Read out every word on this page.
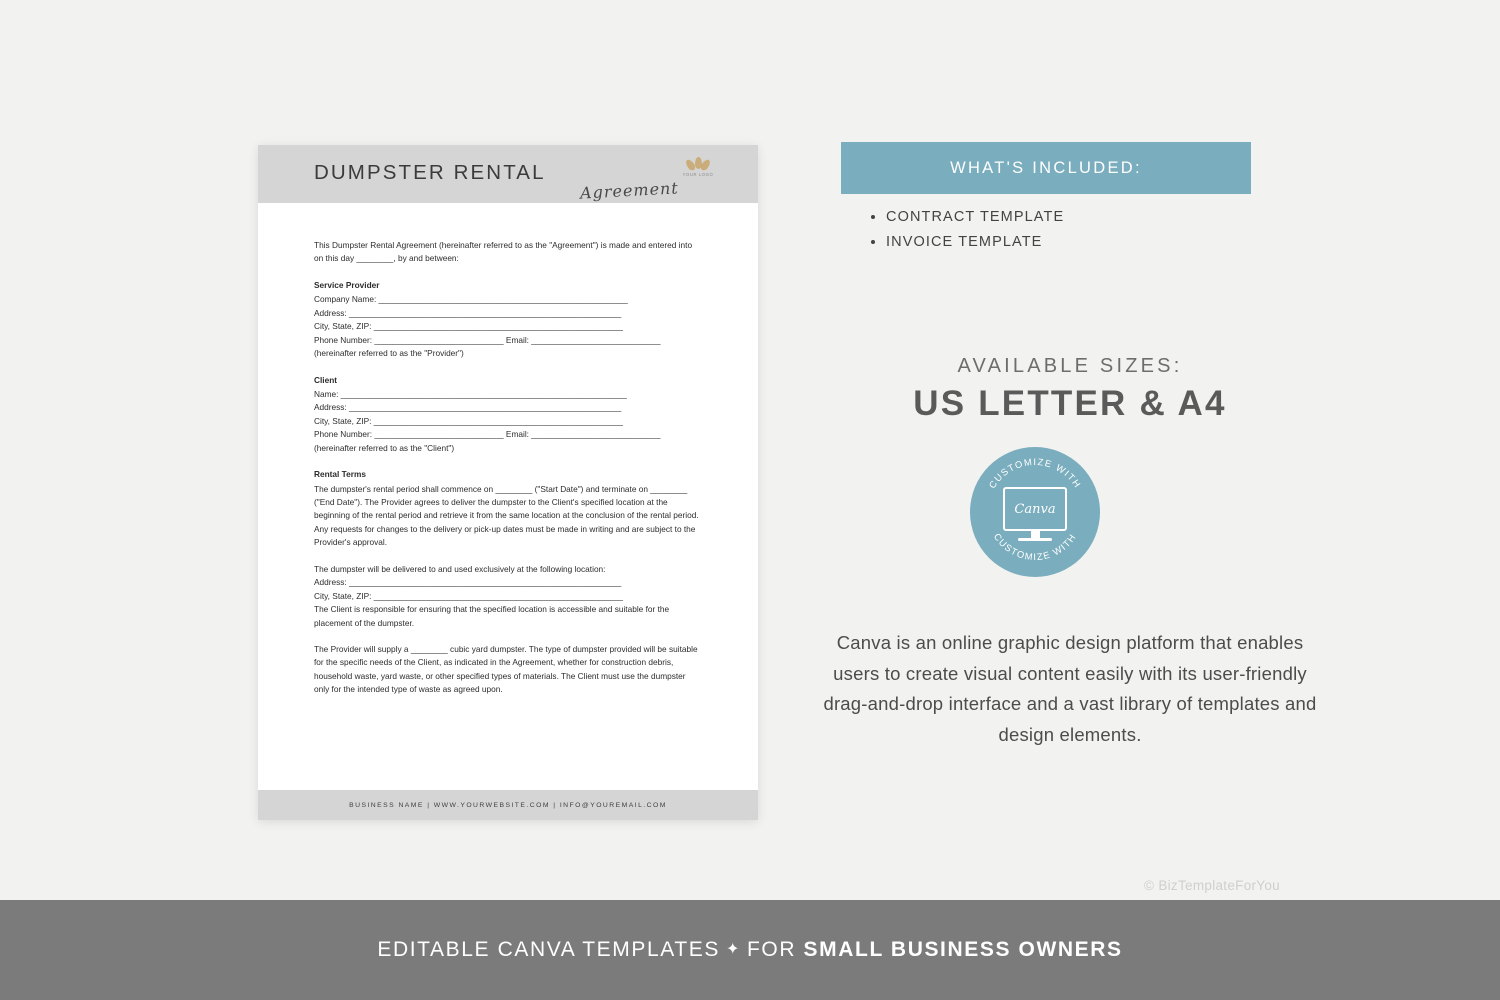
DUMPSTER RENTAL
Agreement
YOUR LOGO
This Dumpster Rental Agreement (hereinafter referred to as the "Agreement") is made and entered into on this day ________, by and between:
Service Provider
Company Name: ______________________________________________________
Address: ___________________________________________________________
City, State, ZIP: ______________________________________________________
Phone Number: ____________________________ Email: ____________________________
(hereinafter referred to as the "Provider")
Client
Name: ______________________________________________________________
Address: ___________________________________________________________
City, State, ZIP: ______________________________________________________
Phone Number: ____________________________ Email: ____________________________
(hereinafter referred to as the "Client")
Rental Terms
The dumpster's rental period shall commence on ________ ("Start Date") and terminate on ________ ("End Date"). The Provider agrees to deliver the dumpster to the Client's specified location at the beginning of the rental period and retrieve it from the same location at the conclusion of the rental period. Any requests for changes to the delivery or pick-up dates must be made in writing and are subject to the Provider's approval.
The dumpster will be delivered to and used exclusively at the following location:
Address: ___________________________________________________________
City, State, ZIP: ______________________________________________________
The Client is responsible for ensuring that the specified location is accessible and suitable for the placement of the dumpster.
The Provider will supply a ________ cubic yard dumpster. The type of dumpster provided will be suitable for the specific needs of the Client, as indicated in the Agreement, whether for construction debris, household waste, yard waste, or other specified types of materials. The Client must use the dumpster only for the intended type of waste as agreed upon.
BUSINESS NAME | WWW.YOURWEBSITE.COM | INFO@YOUREMAIL.COM
WHAT'S INCLUDED:
• CONTRACT TEMPLATE
• INVOICE TEMPLATE
AVAILABLE SIZES:
US LETTER & A4
CUSTOMIZE WITH
CUSTOMIZE WITH
Canva
Canva is an online graphic design platform that enables users to create visual content easily with its user-friendly drag-and-drop interface and a vast library of templates and design elements.
© BizTemplateForYou
EDITABLE CANVA TEMPLATES ✦ FOR SMALL BUSINESS OWNERS
